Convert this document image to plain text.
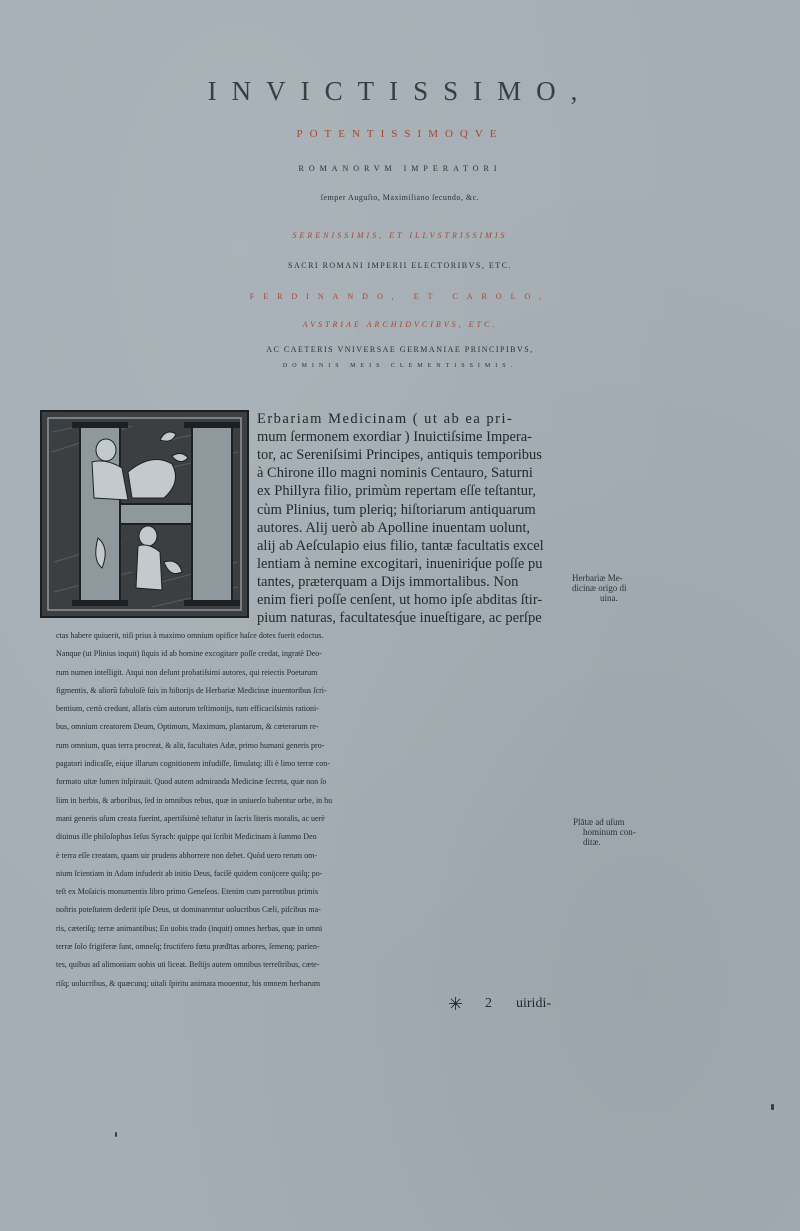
INVICTISSIMO,
POTENTISSIMOQVE
ROMANORVM IMPERATORI
ſemper Auguſto, Maximiliano ſecundo, &c.
SERENISSIMIS, ET ILLVSTRISSIMIS
SACRI ROMANI IMPERII ELECTORIBVS, ETC.
FERDINANDO, ET CAROLO,
AVSTRIAE ARCHIDVCIBVS, ETC.
AC CAETERIS VNIVERSAE GERMANIAE PRINCIPIBVS,
DOMINIS MEIS CLEMENTISSIMIS.
Erbariam Medicinam ( ut ab ea pri-
mum ſermonem exordiar ) Inuictiſsime Impera-
tor, ac Sereniſsimi Principes, antiquis temporibus
à Chirone illo magni nominis Centauro, Saturni
ex Phillyra filio, primùm repertam eſſe teſtantur,
cùm Plinius, tum pleriq; hiſtoriarum antiquarum
autores. Alij uerò ab Apolline inuentam uolunt,
alij ab Aeſculapio eius filio, tantæ facultatis excel
lentiam à nemine excogitari, inueniriq́ue poſſe pu
tantes, præterquam a Dijs immortalibus. Non
enim fieri poſſe cenſent, ut homo ipſe abditas ſtir-
pium naturas, facultatesq́ue inueſtigare, ac perſpe
ctas habere quiuerit, niſi prius à maximo omnium opifice haſce dotes fuerit edoctus.
Nanque (ut Plinius inquit) ſiquis id ab homine excogitare poſſe credat, ingratè Deo-
rum numen intelligit. Atqui non deſunt probatiſsimi autores, qui reiectis Poetarum
figmentis, & aliorũ fabuloſè ſuis in hiſtorijs de Herbariæ Medicinæ inuentoribus ſcri-
bentium, certò credunt, allatis cùm autorum teſtimonijs, tum efficaciſsimis rationi-
bus, omnium creatorem Deum, Optimum, Maximum, plantarum, & cæterarum re-
rum omnium, quas terra procreat, & alit, facultates Adæ, primo humani generis pro-
pagatori indicaſſe, eiq́ue illarum cognitionem infudiſſe, ſimulatq; illi è limo terræ con-
formato uitæ lumen inſpirauit. Quod autem admiranda Medicinæ ſecreta, quæ non ſo
lùm in herbis, & arboribus, ſed in omnibus rebus, quæ in uniuerſo habentur orbe, in hu
mani generis uſum creata fuerint, apertiſsimè teſtatur in ſacris literis moralis, ac uerè
diuinus ille philoſophus Ieſus Syrach: quippe qui ſcribit Medicinam à ſummo Deo
è terra eſſe creatam, quam uir prudens abhorrere non debet. Quòd uero rerum om-
nium ſcientiam in Adam infuderit ab initio Deus, facilè quidem conijcere quiſq; po-
teſt ex Moſaicis monumentis libro primo Geneſeos. Etenim cum parentibus primis
noſtris poteſtatem dederit ipſe Deus, ut dominarentur uolucribus Cæli, piſcibus ma-
ris, cæteriſq; terræ animantibus; En uobis trado (inquit) omnes herbas, quæ in omni
terræ ſolo frigiferæ ſunt, omneſq; fructifero fœtu prædītas arbores, ſemenq; parien-
tes, quibus ad alimoniam uobis uti liceat. Beſtijs autem omnibus terreſtribus, cæte-
riſq; uolucribus, & quæcunq; uitali ſpiritu animata mouentur, his omnem herbarum
Herbariæ Me-
dicinæ origo di
uina.
Plātæ ad uſum
hominum con-
ditæ.
✳ 2 uiridi-
